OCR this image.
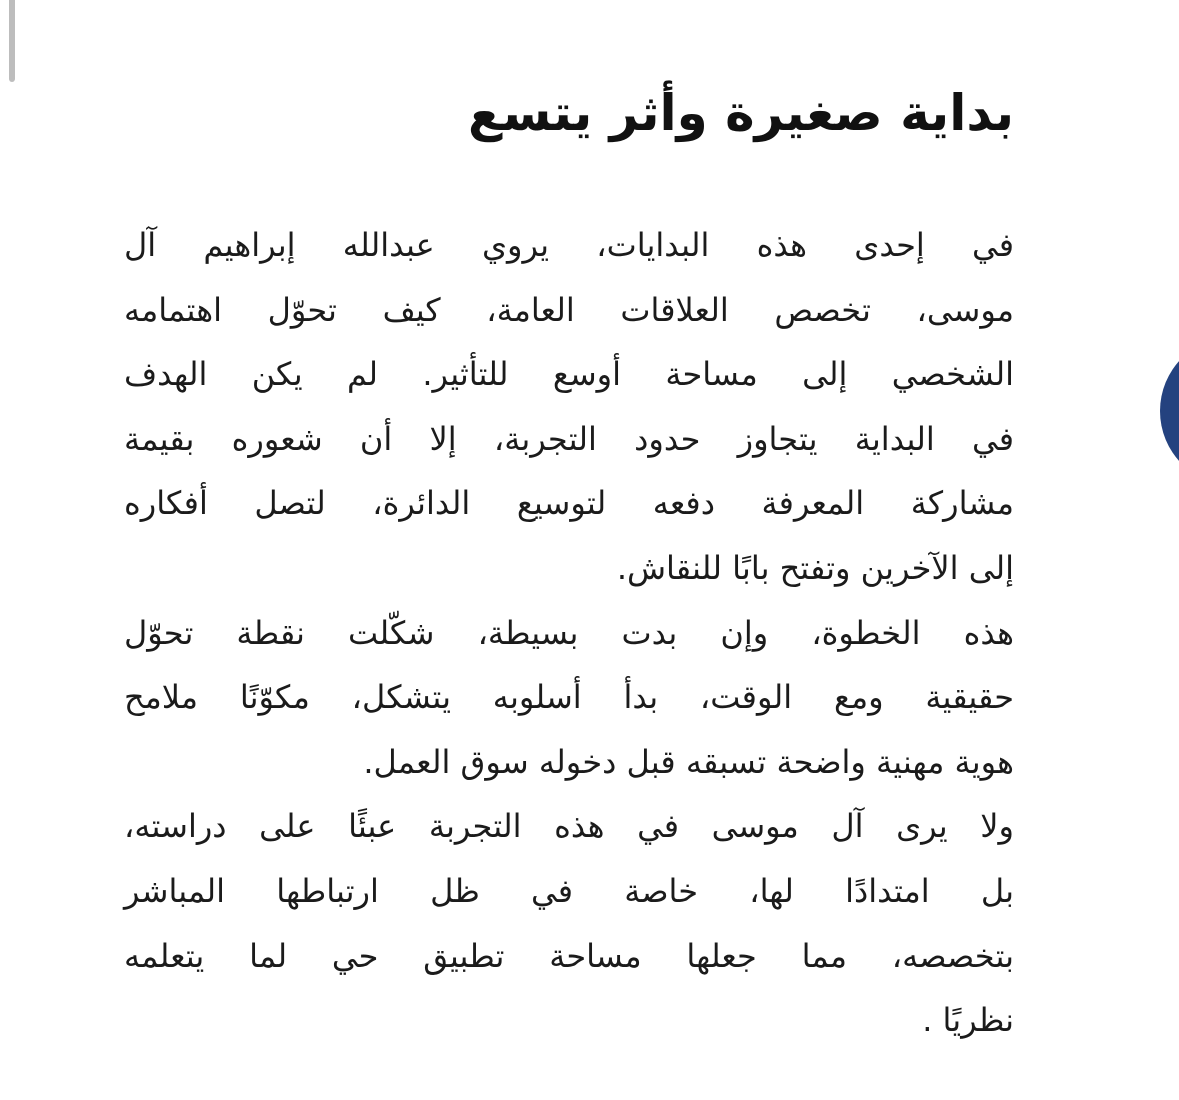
بداية صغيرة وأثر يتسع
في إحدى هذه البدايات، يروي عبدالله إبراهيم آل
موسى، تخصص العلاقات العامة، كيف تحوّل اهتمامه
الشخصي إلى مساحة أوسع للتأثير. لم يكن الهدف
في البداية يتجاوز حدود التجربة، إلا أن شعوره بقيمة
مشاركة المعرفة دفعه لتوسيع الدائرة، لتصل أفكاره
إلى الآخرين وتفتح بابًا للنقاش.
هذه الخطوة، وإن بدت بسيطة، شكّلت نقطة تحوّل
حقيقية ومع الوقت، بدأ أسلوبه يتشكل، مكوّنًا ملامح
هوية مهنية واضحة تسبقه قبل دخوله سوق العمل.
ولا يرى آل موسى في هذه التجربة عبئًا على دراسته،
بل امتدادًا لها، خاصة في ظل ارتباطها المباشر
بتخصصه، مما جعلها مساحة تطبيق حي لما يتعلمه
نظريًا .
